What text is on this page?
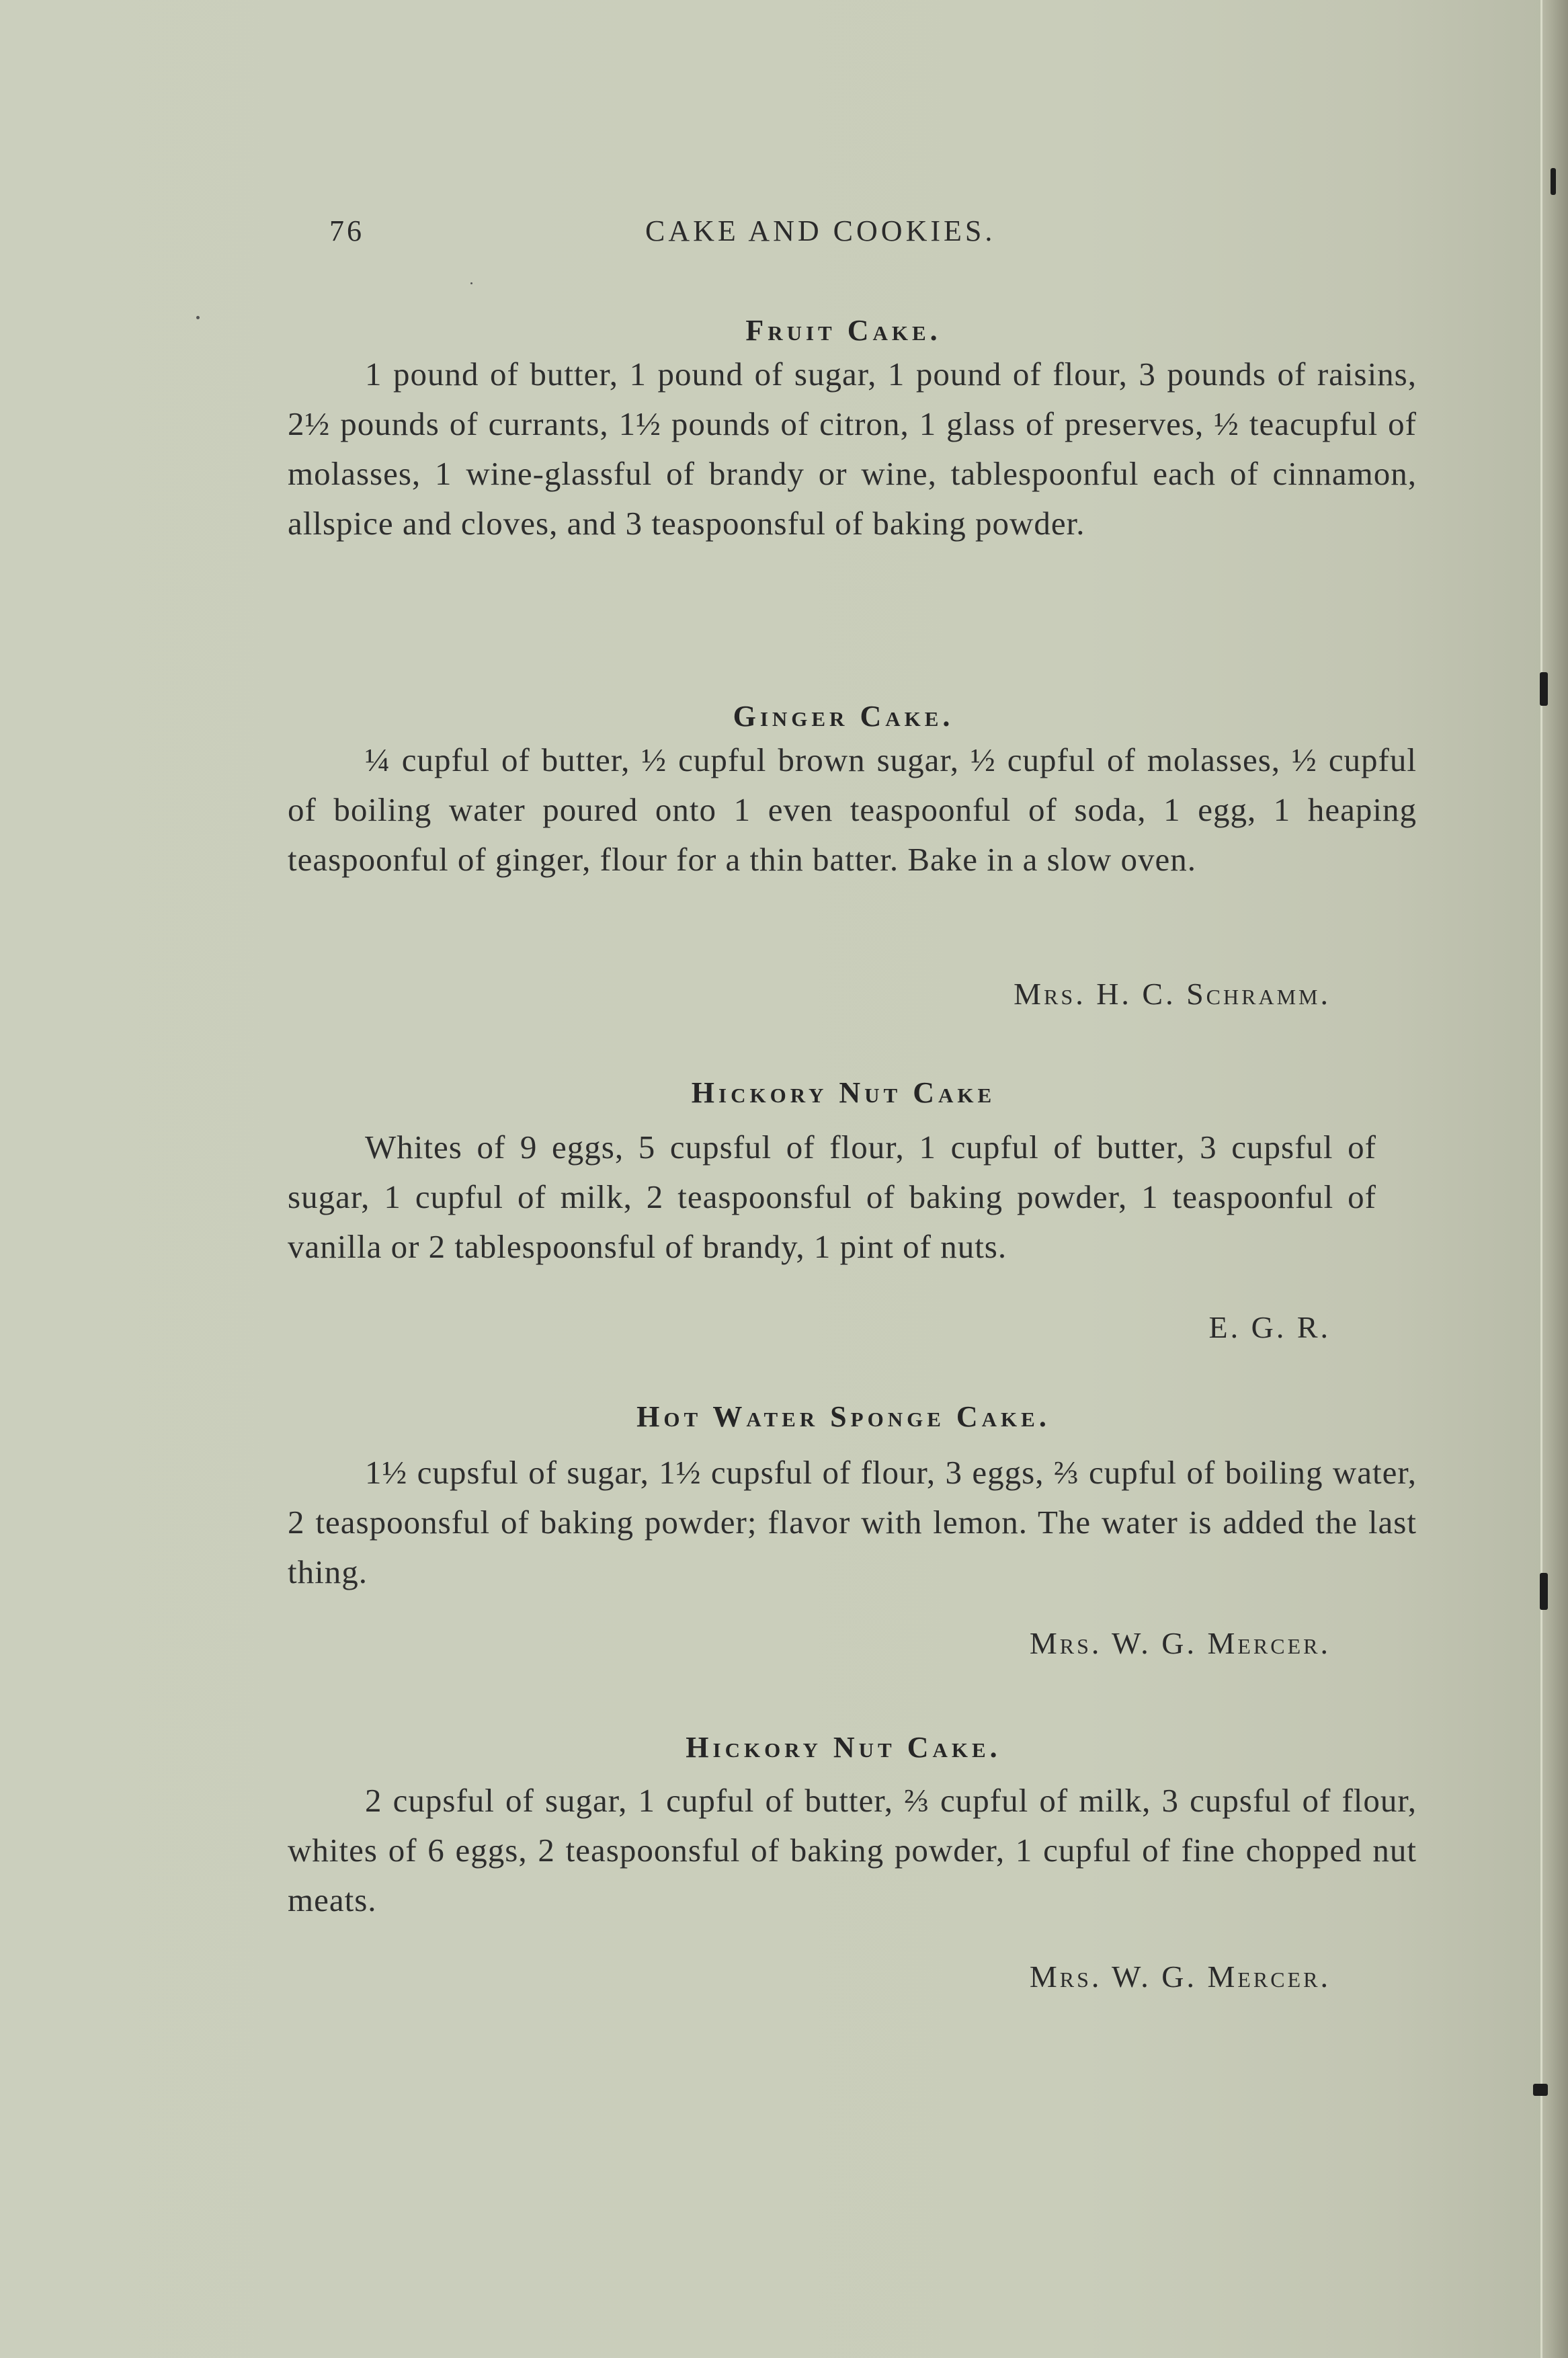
76	CAKE AND COOKIES.
Fruit Cake.

1 pound of butter, 1 pound of sugar, 1 pound of flour, 3 pounds of raisins, 2½ pounds of currants, 1½ pounds of citron, 1 glass of preserves, ½ teacupful of molasses, 1 wine-glassful of brandy or wine, tablespoonful each of cinnamon, allspice and cloves, and 3 teaspoonsful of baking powder.

Ginger Cake.

¼ cupful of butter, ½ cupful brown sugar, ½ cupful of molasses, ½ cupful of boiling water poured onto 1 even teaspoonful of soda, 1 egg, 1 heaping teaspoonful of ginger, flour for a thin batter. Bake in a slow oven.

Mrs. H. C. Schramm.
Hickory Nut Cake

Whites of 9 eggs, 5 cupsful of flour, 1 cupful of butter, 3 cupsful of sugar, 1 cupful of milk, 2 teaspoonsful of baking powder, 1 teaspoonful of vanilla or 2 tablespoonsful of brandy, 1 pint of nuts.

E. G. R.
Hot Water Sponge Cake.

1½ cupsful of sugar, 1½ cupsful of flour, 3 eggs, ⅔ cupful of boiling water, 2 teaspoonsful of baking powder; flavor with lemon. The water is added the last thing.

Mrs. W. G. Mercer.
Hickory Nut Cake.

2 cupsful of sugar, 1 cupful of butter, ⅔ cupful of milk, 3 cupsful of flour, whites of 6 eggs, 2 teaspoonsful of baking powder, 1 cupful of fine chopped nut meats.

Mrs. W. G. Mercer.
